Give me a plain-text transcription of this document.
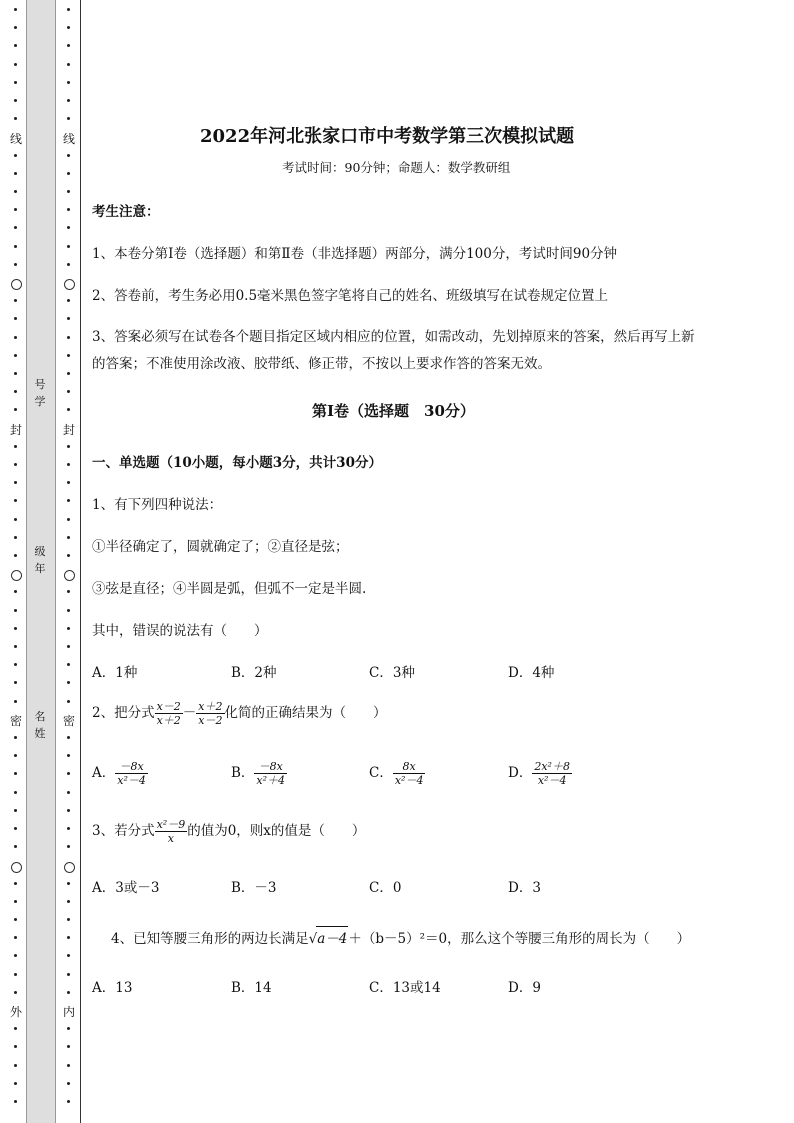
线
封
密
外
线
封
密
内
号
学
级
年
名
姓
2022年河北张家口市中考数学第三次模拟试题
考试时间：90分钟；命题人：数学教研组
考生注意：
1、本卷分第I卷（选择题）和第Ⅱ卷（非选择题）两部分，满分100分，考试时间90分钟
2、答卷前，考生务必用0.5毫米黑色签字笔将自己的姓名、班级填写在试卷规定位置上
3、答案必须写在试卷各个题目指定区域内相应的位置，如需改动，先划掉原来的答案，然后再写上新
的答案；不准使用涂改液、胶带纸、修正带，不按以上要求作答的答案无效。
第I卷（选择题　30分）
一、单选题（10小题，每小题3分，共计30分）
1、有下列四种说法：
①半径确定了，圆就确定了；②直径是弦；
③弦是直径；④半圆是弧，但弧不一定是半圆.
其中，错误的说法有（　　）
A．1种	B．2种	C．3种	D．4种
2、把分式 $\frac{x-2}{x+2} - \frac{x+2}{x-2}$ 化简的正确结果为（　　）
A． $\frac{-8x}{\text{x²－4}}$	B． $\frac{-8x}{\text{x²＋4}}$	C． $\frac{8x}{\text{x²－4}}$	D． $\frac{\text{2x²＋8}}{\text{x²－4}}$
3、若分式 $\frac{\text{x²－9}}{x}$ 的值为0，则x的值是（　　）
A．3或－3	B．－3	C．0	D．3
4、已知等腰三角形的两边长满足√a－4＋（b－5）²＝0，那么这个等腰三角形的周长为（　　）
A．13	B．14	C．13或14	D．9
